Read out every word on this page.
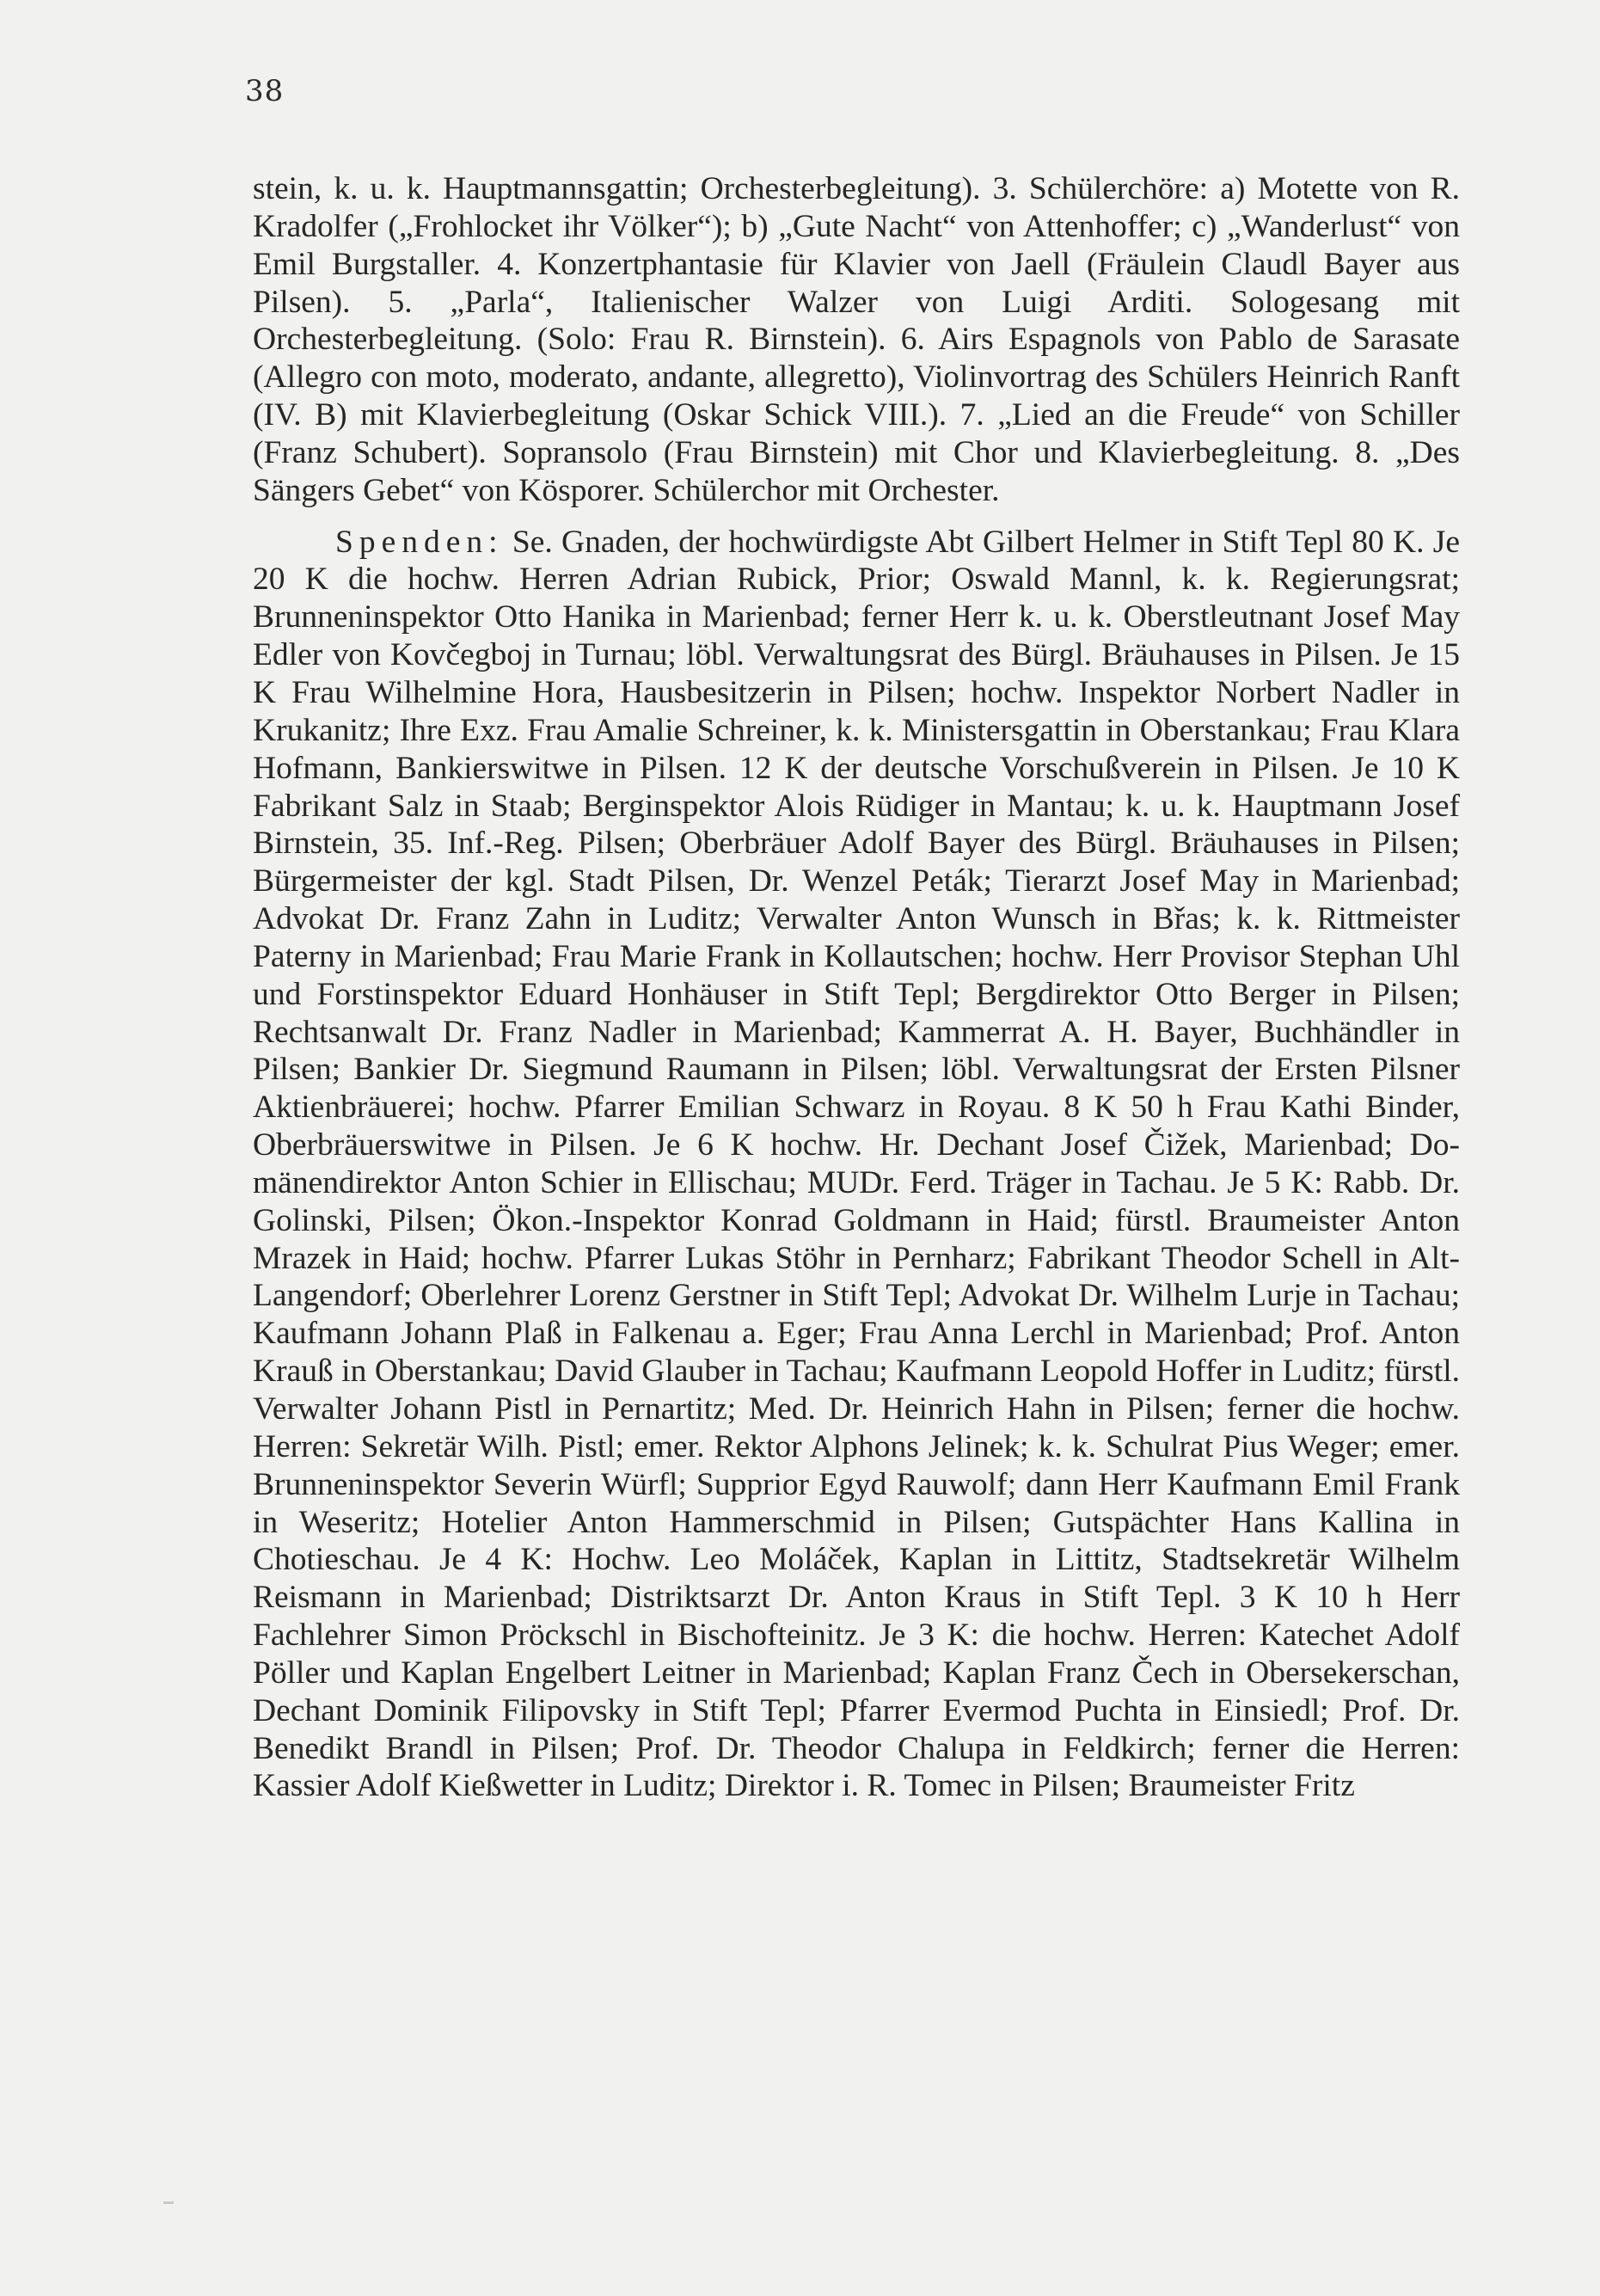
38

stein, k. u. k. Hauptmannsgattin; Orchesterbegleitung). 3. Schülerchöre: a) Motette von R. Kradolfer („Frohlocket ihr Völker“); b) „Gute Nacht“ von Attenhoffer; c) „Wanderlust“ von Emil Burgstaller. 4. Konzertphantasie für Klavier von Jaell (Fräulein Claudl Bayer aus Pilsen). 5. „Parla“, Italienischer Walzer von Luigi Arditi. Sologesang mit Orchesterbegleitung. (Solo: Frau R. Birnstein). 6. Airs Espagnols von Pablo de Sarasate (Allegro con moto, moderato, andante, allegretto), Violinvortrag des Schülers Heinrich Ranft (IV. B) mit Klavierbegleitung (Oskar Schick VIII.). 7. „Lied an die Freude“ von Schiller (Franz Schubert). Sopransolo (Frau Birnstein) mit Chor und Klavierbegleitung. 8. „Des Sängers Gebet“ von Kösporer. Schülerchor mit Orchester.

Spenden: Se. Gnaden, der hochwürdigste Abt Gilbert Helmer in Stift Tepl 80 K. Je 20 K die hochw. Herren Adrian Rubick, Prior; Oswald Mannl, k. k. Regierungsrat; Brunneninspektor Otto Hanika in Marienbad; ferner Herr k. u. k. Oberstleutnant Josef May Edler von Kovčegboj in Turnau; löbl. Verwaltungsrat des Bürgl. Bräuhauses in Pilsen. Je 15 K Frau Wilhelmine Hora, Hausbesitzerin in Pilsen; hochw. Inspektor Norbert Nadler in Krukanitz; Ihre Exz. Frau Amalie Schreiner, k. k. Ministersgattin in Oberstankau; Frau Klara Hofmann, Bankierswitwe in Pilsen. 12 K der deutsche Vorschußverein in Pilsen. Je 10 K Fabrikant Salz in Staab; Berginspektor Alois Rüdiger in Mantau; k. u. k. Hauptmann Josef Birnstein, 35. Inf.-Reg. Pilsen; Oberbräuer Adolf Bayer des Bürgl. Bräuhauses in Pilsen; Bürgermeister der kgl. Stadt Pilsen, Dr. Wenzel Peták; Tierarzt Josef May in Marienbad; Advokat Dr. Franz Zahn in Luditz; Verwalter Anton Wunsch in Břas; k. k. Rittmeister Paterny in Marienbad; Frau Marie Frank in Kollautschen; hochw. Herr Provisor Stephan Uhl und Forstinspektor Eduard Honhäuser in Stift Tepl; Bergdirektor Otto Berger in Pilsen; Rechtsanwalt Dr. Franz Nadler in Marienbad; Kammerrat A. H. Bayer, Buchhändler in Pilsen; Bankier Dr. Siegmund Raumann in Pilsen; löbl. Verwaltungsrat der Ersten Pilsner Aktienbräuerei; hochw. Pfarrer Emilian Schwarz in Royau. 8 K 50 h Frau Kathi Binder, Oberbräuerswitwe in Pilsen. Je 6 K hochw. Hr. Dechant Josef Čižek, Marienbad; Domänendirektor Anton Schier in Ellischau; MUDr. Ferd. Träger in Tachau. Je 5 K: Rabb. Dr. Golinski, Pilsen; Ökon.-Inspektor Konrad Goldmann in Haid; fürstl. Braumeister Anton Mrazek in Haid; hochw. Pfarrer Lukas Stöhr in Pernharz; Fabrikant Theodor Schell in Alt-Langendorf; Oberlehrer Lorenz Gerstner in Stift Tepl; Advokat Dr. Wilhelm Lurje in Tachau; Kaufmann Johann Plaß in Falkenau a. Eger; Frau Anna Lerchl in Marienbad; Prof. Anton Krauß in Oberstankau; David Glauber in Tachau; Kaufmann Leopold Hoffer in Luditz; fürstl. Verwalter Johann Pistl in Pernartitz; Med. Dr. Heinrich Hahn in Pilsen; ferner die hochw. Herren: Sekretär Wilh. Pistl; emer. Rektor Alphons Jelinek; k. k. Schulrat Pius Weger; emer. Brunneninspektor Severin Würfl; Supprior Egyd Rauwolf; dann Herr Kaufmann Emil Frank in Weseritz; Hotelier Anton Hammerschmid in Pilsen; Gutspächter Hans Kallina in Chotieschau. Je 4 K: Hochw. Leo Moláček, Kaplan in Littitz, Stadtsekretär Wilhelm Reismann in Marienbad; Distriktsarzt Dr. Anton Kraus in Stift Tepl. 3 K 10 h Herr Fachlehrer Simon Pröckschl in Bischofteinitz. Je 3 K: die hochw. Herren: Katechet Adolf Pöller und Kaplan Engelbert Leitner in Marienbad; Kaplan Franz Čech in Obersekerschan, Dechant Dominik Filipovsky in Stift Tepl; Pfarrer Evermod Puchta in Einsiedl; Prof. Dr. Benedikt Brandl in Pilsen; Prof. Dr. Theodor Chalupa in Feldkirch; ferner die Herren: Kassier Adolf Kießwetter in Luditz; Direktor i. R. Tomec in Pilsen; Braumeister Fritz
